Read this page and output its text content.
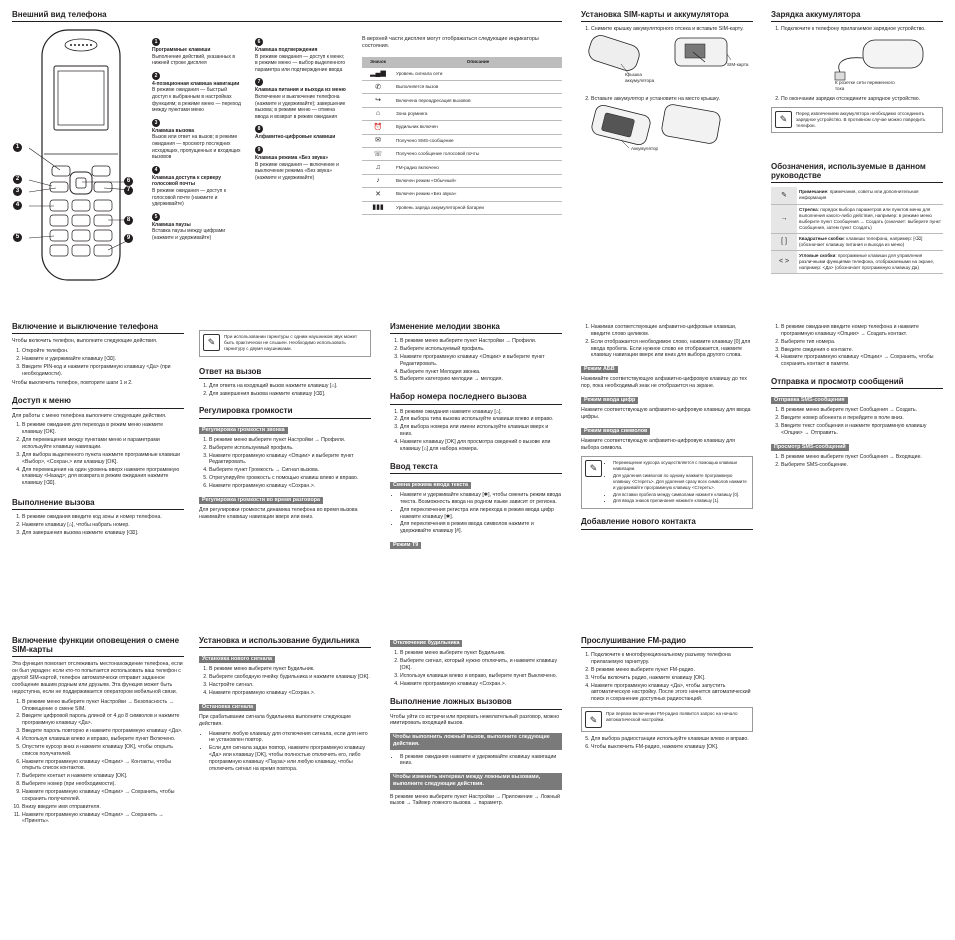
Внешний вид телефона
1
2
3
4
5
6
7
8
9
1
Программные клавиши
Выполнение действий, указанных в нижней строке дисплея
2
4-позиционная клавиша навигации
В режиме ожидания — быстрый доступ к выбранным в настройках функциям; в режиме меню — переход между пунктами меню
3
Клавиша вызова
Вызов или ответ на вызов; в режиме ожидания — просмотр последних исходящих, пропущенных и входящих вызовов
4
Клавиша доступа к серверу голосовой почты
В режиме ожидания — доступ к голосовой почте (нажмите и удерживайте)
5
Клавиша паузы
Вставка паузы между цифрами (нажмите и удерживайте)
6
Клавиша подтверждения
В режиме ожидания — доступ к меню; в режиме меню — выбор выделенного параметра или подтверждение ввода
7
Клавиша питания и выхода из меню
Включение и выключение телефона (нажмите и удерживайте); завершение вызова; в режиме меню — отмена ввода и возврат в режим ожидания
8
Алфавитно-цифровые клавиши
9
Клавиша режима «Без звука»
В режиме ожидания — включение и выключение режима «Без звука» (нажмите и удерживайте)

В верхней части дисплея могут отображаться следующие индикаторы состояния.

Значок	Описание
▂▄▆	Уровень сигнала сети
✆	Выполняется вызов
↪	Включена переадресация вызовов
⌂	Зона роуминга
⏰	Будильник включен
✉	Получено SMS-сообщение
☏	Получено сообщение голосовой почты
♫	FM-радио включено
♪	Включен режим «Обычный»
✕	Включен режим «Без звука»
▮▮▮	Уровень заряда аккумуляторной батареи
Установка SIM-карты и аккумулятора
1. Снимите крышку аккумуляторного отсека и вставьте SIM-карту.
Крышка аккумулятора
SIM-карта
2. Вставьте аккумулятор и установите на место крышку.
Аккумулятор
Зарядка аккумулятора
1. Подключите к телефону прилагаемое зарядное устройство.
К розетке сети переменного тока
2. По окончании зарядки отсоедините зарядное устройство.
✎
Перед извлечением аккумулятора необходимо отсоединить зарядное устройство. В противном случае можно повредить телефон.
Обозначения, используемые в данном руководстве
✎	Примечание: примечания, советы или дополнительная информация
→	Стрелка: порядок выбора параметров или пунктов меню для выполнения какого-либо действия, например: в режиме меню выберите пункт Сообщения → Создать (означает: выберите пункт Сообщения, затем пункт Создать)
[ ]	Квадратные скобки: клавиши телефона, например: [⌫] (обозначает клавишу питания и выхода из меню)
< >	Угловые скобки: программные клавиши для управления различными функциями телефона, отображаемыми на экране, например: <Да> (обозначает программную клавишу Да)
Включение и выключение телефона

Чтобы включить телефон, выполните следующие действия.

1. Откройте телефон.
2. Нажмите и удерживайте клавишу [⌫].
3. Введите PIN-код и нажмите программную клавишу <Да> (при необходимости).

Чтобы выключить телефон, повторите шаги 1 и 2.

Доступ к меню

Для работы с меню телефона выполните следующие действия.

1. В режиме ожидания для перехода в режим меню нажмите клавишу [OK].
2. Для перемещения между пунктами меню и параметрами используйте клавишу навигации.
3. Для выбора выделенного пункта нажмите программные клавиши <Выбор>, <Сохран.> или клавишу [OK].
4. Для перемещения на один уровень вверх нажмите программную клавишу <Назад>; для возврата в режим ожидания нажмите клавишу [⌫].
Выполнение вызова
1. В режиме ожидания введите код зоны и номер телефона.
2. Нажмите клавишу [⌂], чтобы набрать номер.
3. Для завершения вызова нажмите клавишу [⌫].
✎
При использовании гарнитуры с одним наушником звук может быть практически не слышен. Необходимо использовать гарнитуру с двумя наушниками.
Ответ на вызов
1. Для ответа на входящий вызов нажмите клавишу [⌂].
2. Для завершения вызова нажмите клавишу [⌫].
Регулировка громкости
Регулировка громкости звонка
1. В режиме меню выберите пункт Настройки → Профили.
2. Выберите используемый профиль.
3. Нажмите программную клавишу <Опции> и выберите пункт Редактировать.
4. Выберите пункт Громкость → Сигнал вызова.
5. Отрегулируйте громкость с помощью клавиш влево и вправо.
6. Нажмите программную клавишу <Сохран.>.
Регулировка громкости во время разговора

Для регулировки громкости динамика телефона во время вызова нажимайте клавишу навигации вверх или вниз.

Изменение мелодии звонка
1. В режиме меню выберите пункт Настройки → Профили.
2. Выберите используемый профиль.
3. Нажмите программную клавишу <Опции> и выберите пункт Редактировать.
4. Выберите пункт Мелодия звонка.
5. Выберите категорию мелодии → мелодия.
Набор номера последнего вызова
1. В режиме ожидания нажмите клавишу [⌂].
2. Для выбора типа вызова используйте клавиши влево и вправо.
3. Для выбора номера или имени используйте клавиши вверх и вниз.
4. Нажмите клавишу [OK] для просмотра сведений о вызове или клавишу [⌂] для набора номера.
Ввод текста
Смена режима ввода текста
• Нажмите и удерживайте клавишу [✱], чтобы сменить режим ввода текста. Возможность ввода на родном языке зависит от региона.
• Для переключения регистра или перехода в режим ввода цифр нажмите клавишу [✱].
• Для переключения в режим ввода символов нажмите и удерживайте клавишу [#].
Режим T9
1. Нажимая соответствующие алфавитно-цифровые клавиши, введите слово целиком.
2. Если отображается необходимое слово, нажмите клавишу [0] для ввода пробела. Если нужное слово не отображается, нажмите клавишу навигации вверх или вниз для выбора другого слова.
Режим АБВ

Нажимайте соответствующую алфавитно-цифровую клавишу до тех пор, пока необходимый знак не отобразится на экране.

Режим ввода цифр

Нажмите соответствующую алфавитно-цифровую клавишу для ввода цифры.

Режим ввода символов

Нажмите соответствующую алфавитно-цифровую клавишу для выбора символа.

✎
• Перемещение курсора осуществляется с помощью клавиши навигации.
• Для удаления символов по одному нажмите программную клавишу <Стереть>. Для удаления сразу всех символов нажмите и удерживайте программную клавишу <Стереть>.
• Для вставки пробела между символами нажмите клавишу [0].
• Для ввода знаков препинания нажмите клавишу [1].
Добавление нового контакта
1. В режиме ожидания введите номер телефона и нажмите программную клавишу <Опции> → Создать контакт.
2. Выберите тип номера.
3. Введите сведения о контакте.
4. Нажмите программную клавишу <Опции> → Сохранить, чтобы сохранить контакт в памяти.
Отправка и просмотр сообщений
Отправка SMS-сообщения
1. В режиме меню выберите пункт Сообщения → Создать.
2. Введите номер абонента и перейдите в поле вниз.
3. Введите текст сообщения и нажмите программную клавишу <Опции> → Отправить.
Просмотр SMS-сообщений
1. В режиме меню выберите пункт Сообщения → Входящие.
2. Выберите SMS-сообщение.
Включение функции оповещения о смене SIM-карты

Эта функция помогает отслеживать местонахождение телефона, если он был украден: если кто-то попытается использовать ваш телефон с другой SIM-картой, телефон автоматически отправит заданное сообщение вашим родным или друзьям. Эта функция может быть недоступна, если не поддерживается оператором мобильной связи.

1. В режиме меню выберите пункт Настройки → Безопасность → Оповещение о смене SIM.
2. Введите цифровой пароль длиной от 4 до 8 символов и нажмите программную клавишу <Да>.
3. Введите пароль повторно и нажмите программную клавишу <Да>.
4. Используя клавиши влево и вправо, выберите пункт Включено.
5. Опустите курсор вниз и нажмите клавишу [OK], чтобы открыть список получателей.
6. Нажмите программную клавишу <Опции> → Контакты, чтобы открыть список контактов.
7. Выберите контакт и нажмите клавишу [OK].
8. Выберите номер (при необходимости).
9. Нажмите программную клавишу <Опции> → Сохранить, чтобы сохранить получателей.
10. Внизу введите имя отправителя.
11. Нажмите программную клавишу <Опции> → Сохранить → «Принять».
Установка и использование будильника
Установка нового сигнала
1. В режиме меню выберите пункт Будильник.
2. Выберите свободную ячейку будильника и нажмите клавишу [OK].
3. Настройте сигнал.
4. Нажмите программную клавишу <Сохран.>.
Остановка сигнала

При срабатывании сигнала будильника выполните следующие действия.

• Нажмите любую клавишу для отключения сигнала, если для него не установлен повтор.
• Если для сигнала задан повтор, нажмите программную клавишу <Да> или клавишу [OK], чтобы полностью отключить его, либо программную клавишу <Пауза> или любую клавишу, чтобы отключить сигнал на время повтора.
Отключение будильника
1. В режиме меню выберите пункт Будильник.
2. Выберите сигнал, который нужно отключить, и нажмите клавишу [OK].
3. Используя клавиши влево и вправо, выберите пункт Выключено.
4. Нажмите программную клавишу <Сохран.>.
Выполнение ложных вызовов

Чтобы уйти со встречи или прервать нежелательный разговор, можно имитировать входящий вызов.

Чтобы выполнить ложный вызов, выполните следующие действия.
• В режиме ожидания нажмите и удерживайте клавишу навигации вниз.
Чтобы изменить интервал между ложными вызовами, выполните следующие действия.

В режиме меню выберите пункт Настройки → Приложение → Ложный вызов → Таймер ложного вызова → параметр.

Прослушивание FM-радио
1. Подключите к многофункциональному разъему телефона прилагаемую гарнитуру.
2. В режиме меню выберите пункт FM-радио.
3. Чтобы включить радио, нажмите клавишу [OK].
4. Нажмите программную клавишу <Да>, чтобы запустить автоматическую настройку. После этого начнется автоматический поиск и сохранение доступных радиостанций.
✎
При первом включении FM-радио появится запрос на начало автоматической настройки.
5. Для выбора радиостанции используйте клавиши влево и вправо.
6. Чтобы выключить FM-радио, нажмите клавишу [OK].
